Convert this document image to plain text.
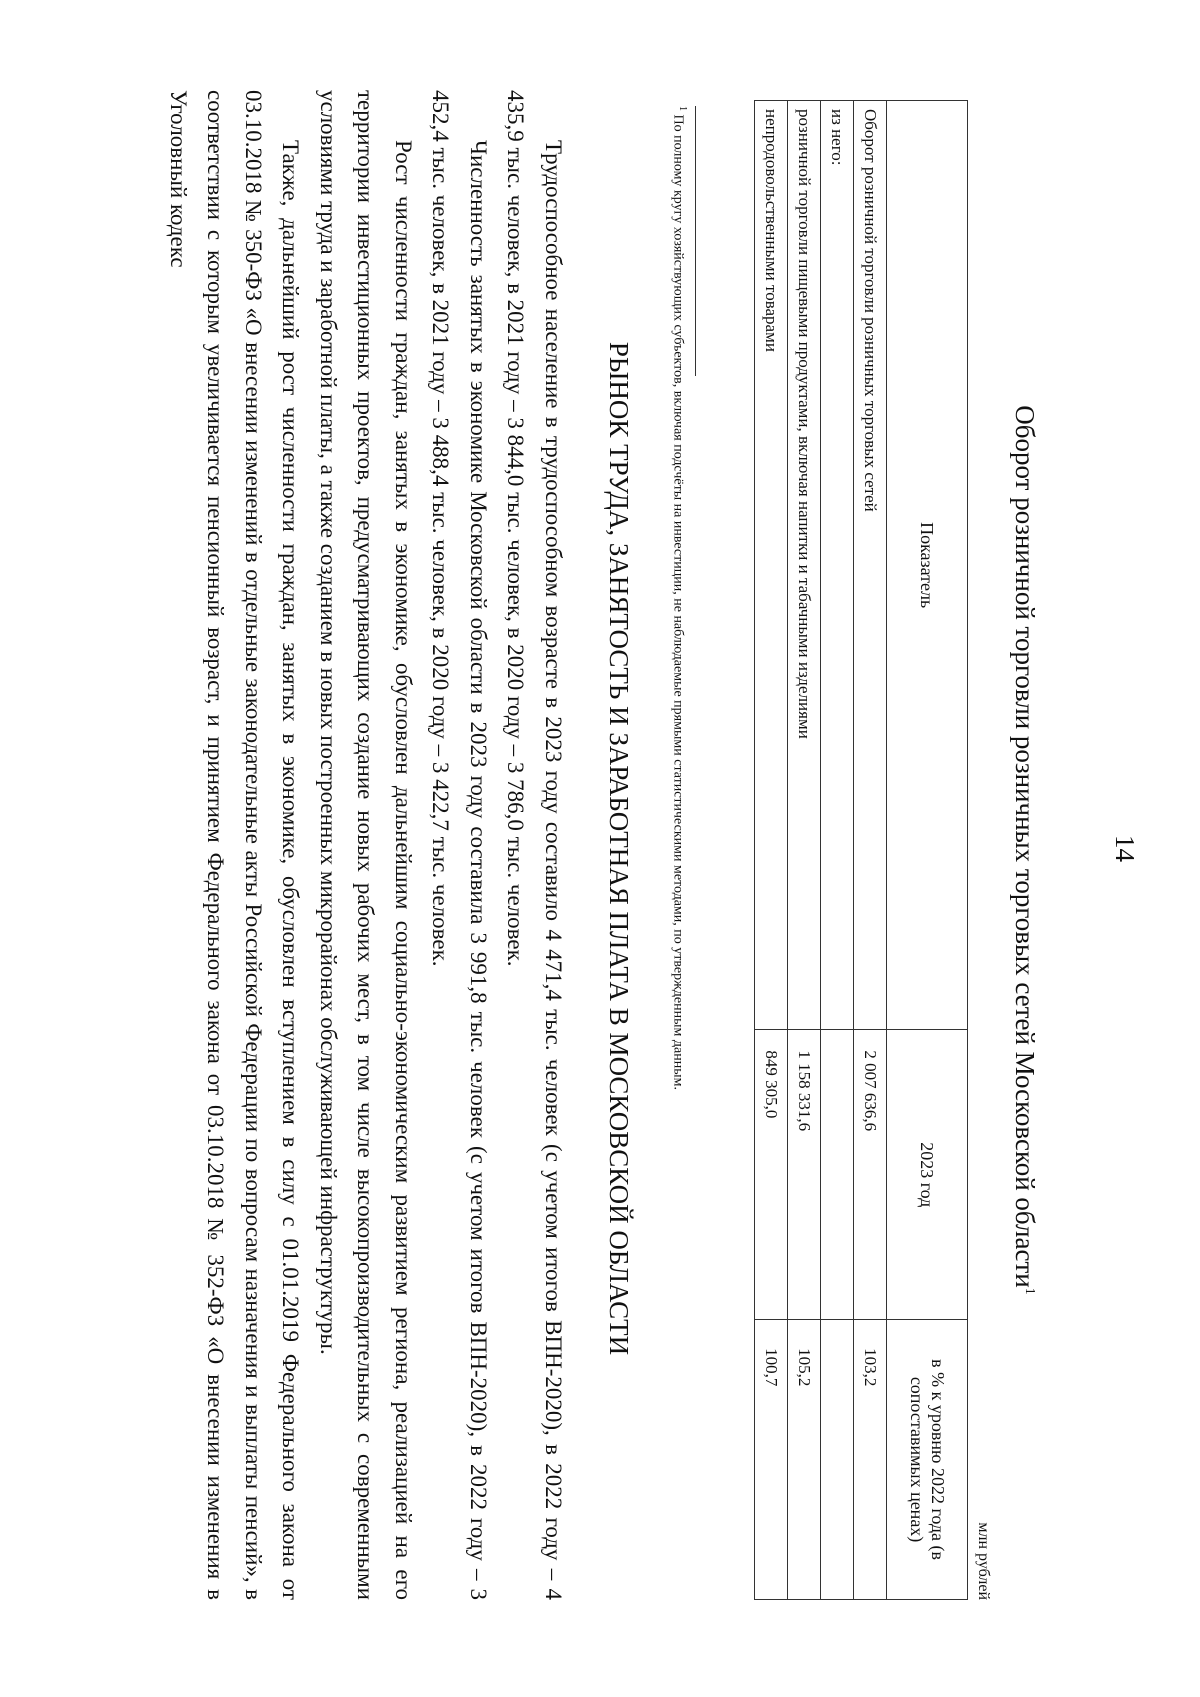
14
Оборот розничной торговли розничных торговых сетей Московской области$^1$
млн рублей
Показатель	2023 год	в % к уровню 2022 года (в сопоставимых ценах)
Оборот розничной торговли розничных торговых сетей	2 007 636,6	103,2
из него:		
розничной торговли пищевыми продуктами, включая напитки и табачными изделиями	1 158 331,6	105,2
непродовольственными товарами	849 305,0	100,7
$^1$ По полному кругу хозяйствующих субъектов, включая подсчёты на инвестиции, не наблюдаемые прямыми статистическими методами, по утвержденным данным.
РЫНОК ТРУДА, ЗАНЯТОСТЬ И ЗАРАБОТНАЯ ПЛАТА В МОСКОВСКОЙ ОБЛАСТИ

Трудоспособное население в трудоспособном возрасте в 2023 году составило 4 471,4 тыс. человек (с учетом итогов ВПН-2020), в 2022 году – 4 435,9 тыс. человек, в 2021 году – 3 844,0 тыс. человек, в 2020 году – 3 786,0 тыс. человек.

Численность занятых в экономике Московской области в 2023 году составила 3 991,8 тыс. человек (с учетом итогов ВПН-2020), в 2022 году – 3 452,4 тыс. человек, в 2021 году – 3 488,4 тыс. человек, в 2020 году – 3 422,7 тыс. человек.

Рост численности граждан, занятых в экономике, обусловлен дальнейшим социально-экономическим развитием региона, реализацией на его территории инвестиционных проектов, предусматривающих создание новых рабочих мест, в том числе высокопроизводительных с современными условиями труда и заработной платы, а также созданием в новых построенных микрорайонах обслуживающей инфраструктуры.

Также, дальнейший рост численности граждан, занятых в экономике, обусловлен вступлением в силу с 01.01.2019 Федерального закона от 03.10.2018 № 350-ФЗ «О внесении изменений в отдельные законодательные акты Российской Федерации по вопросам назначения и выплаты пенсий», в соответствии с которым увеличивается пенсионный возраст, и принятием Федерального закона от 03.10.2018 № 352-ФЗ «О внесении изменения в Уголовный кодекс
